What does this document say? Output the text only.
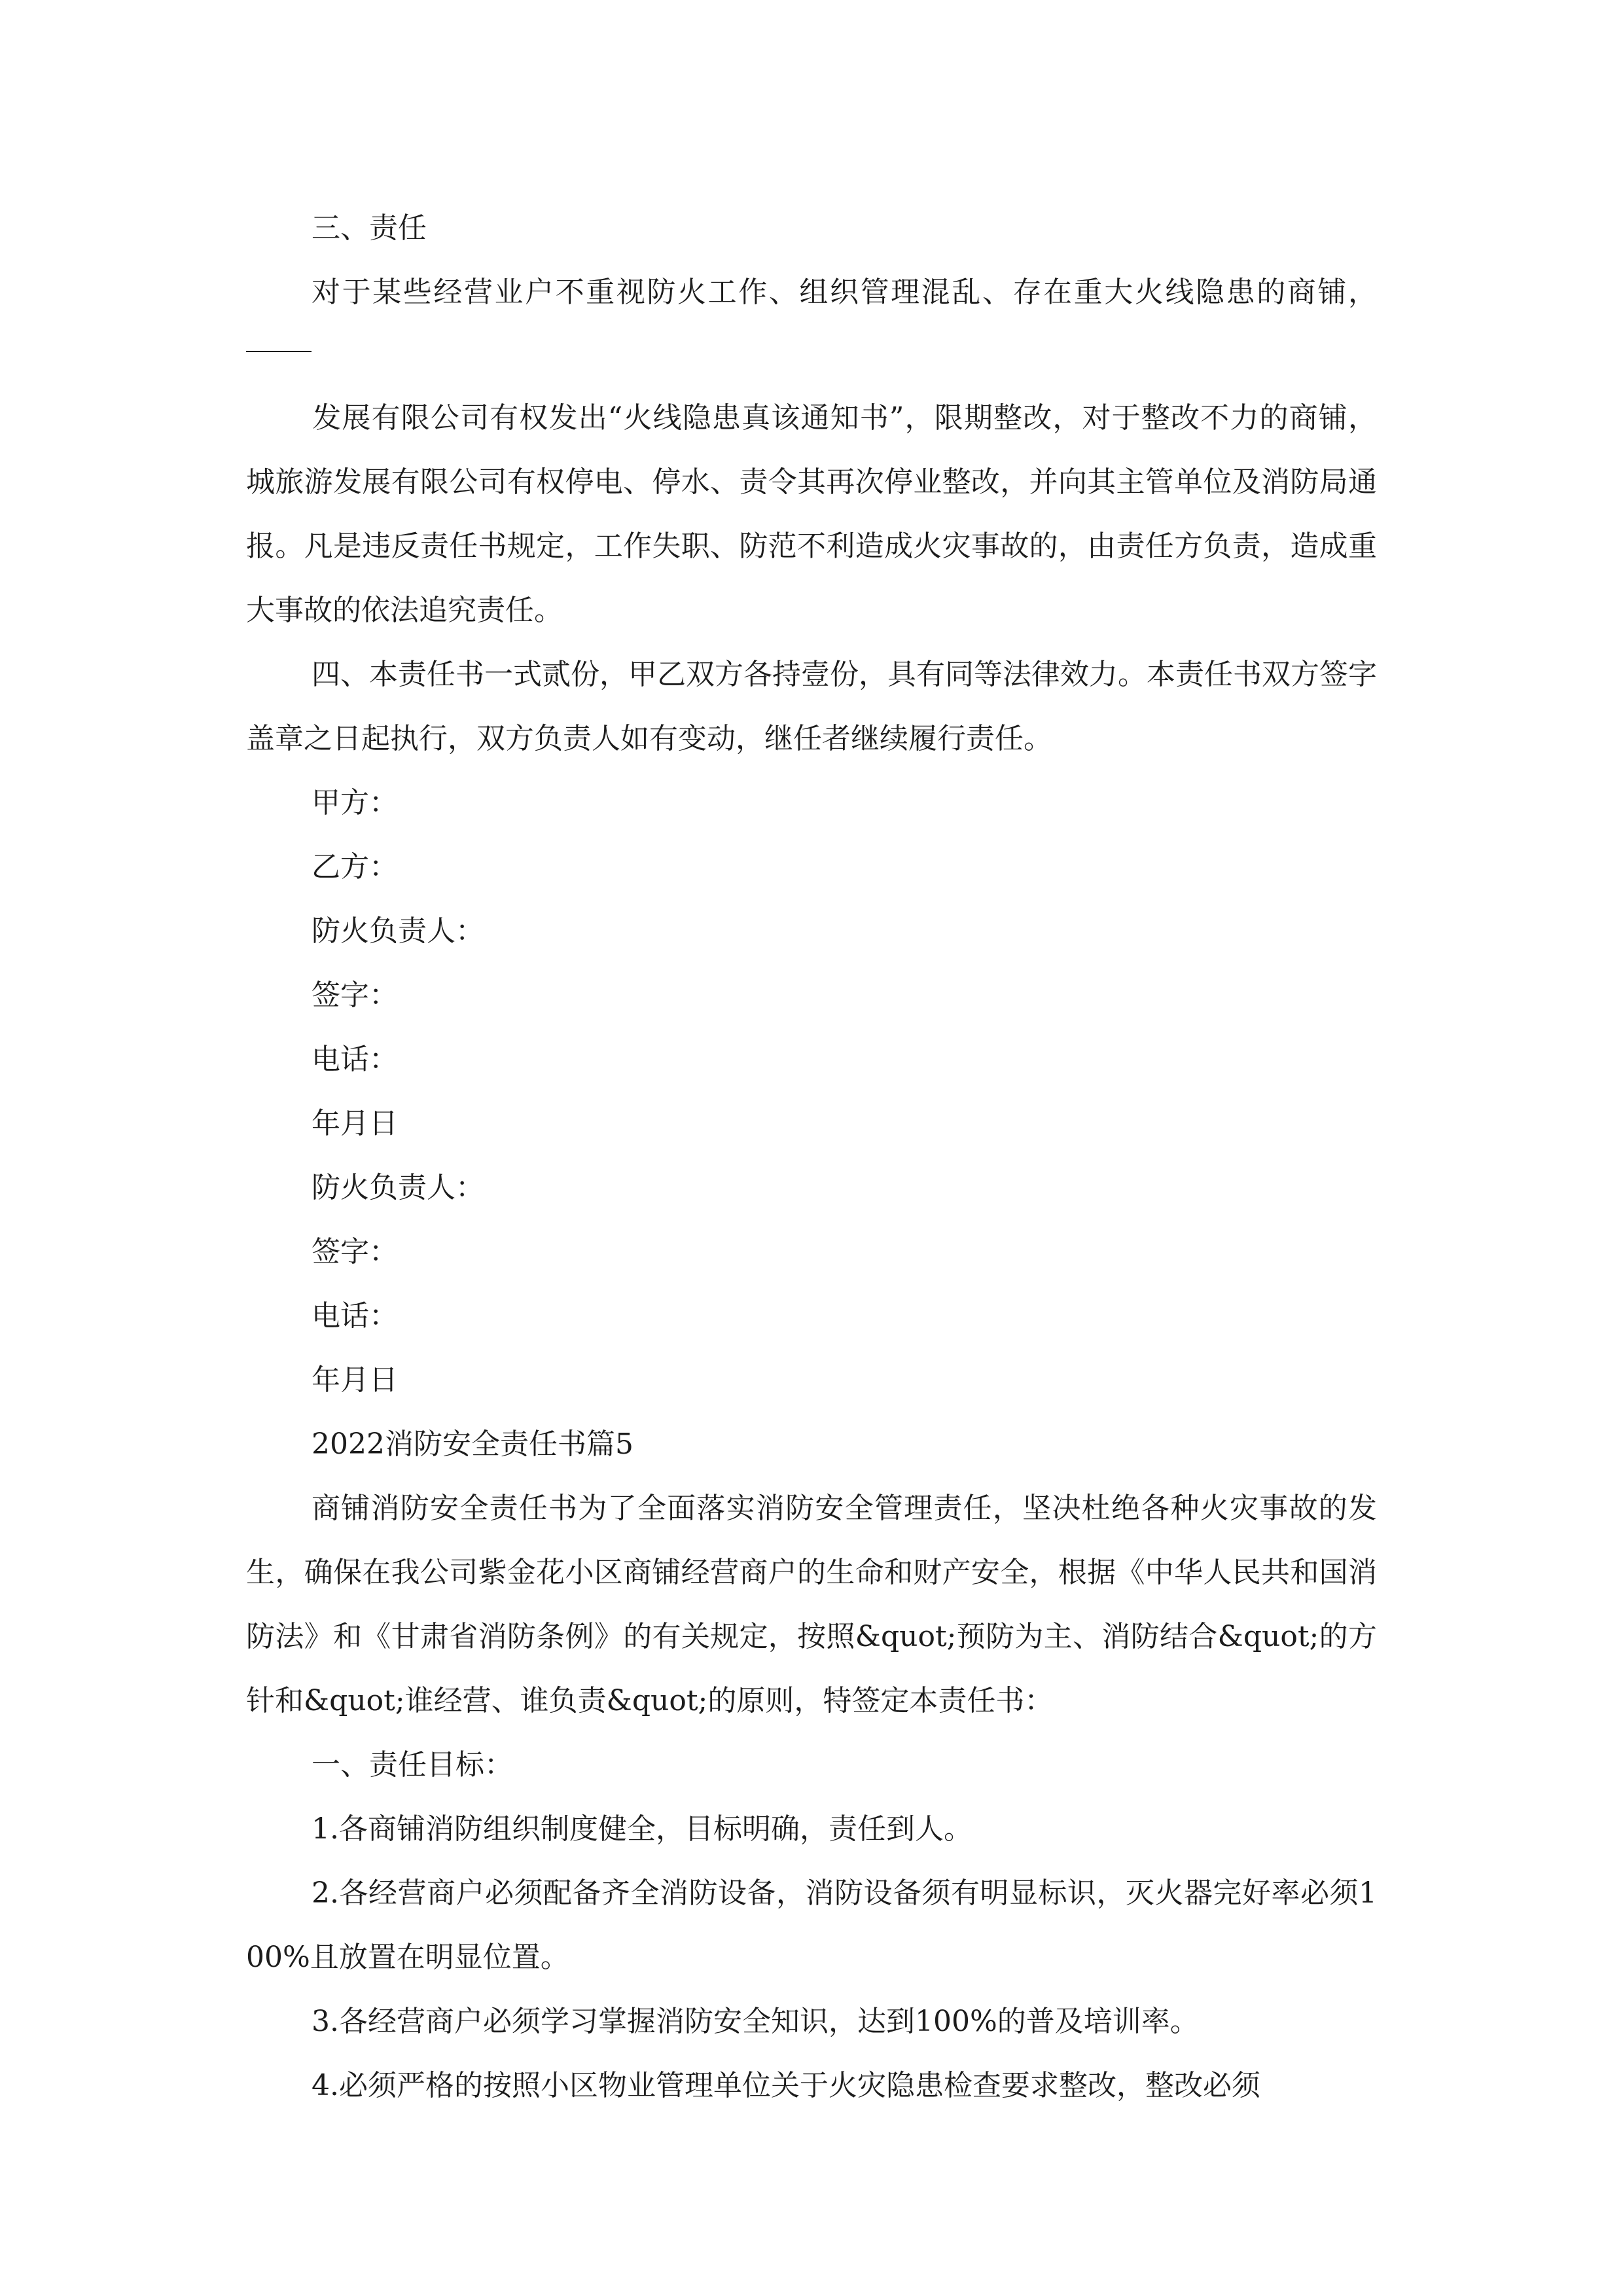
三、责任

对于某些经营业户不重视防火工作、组织管理混乱、存在重大火线隐患的商铺，发展有限公司有权发出“火线隐患真该通知书”，限期整改，对于整改不力的商铺，城旅游发展有限公司有权停电、停水、责令其再次停业整改，并向其主管单位及消防局通报。凡是违反责任书规定，工作失职、防范不利造成火灾事故的，由责任方负责，造成重大事故的依法追究责任。

四、本责任书一式贰份，甲乙双方各持壹份，具有同等法律效力。本责任书双方签字盖章之日起执行，双方负责人如有变动，继任者继续履行责任。

甲方：

乙方：

防火负责人：

签字：

电话：

年月日

防火负责人：

签字：

电话：

年月日

2022消防安全责任书篇5

商铺消防安全责任书为了全面落实消防安全管理责任，坚决杜绝各种火灾事故的发生，确保在我公司紫金花小区商铺经营商户的生命和财产安全，根据《中华人民共和国消防法》和《甘肃省消防条例》的有关规定，按照&quot;预防为主、消防结合&quot;的方针和&quot;谁经营、谁负责&quot;的原则，特签定本责任书：

一、责任目标：

1.各商铺消防组织制度健全，目标明确，责任到人。

2.各经营商户必须配备齐全消防设备，消防设备须有明显标识，灭火器完好率必须100%且放置在明显位置。

3.各经营商户必须学习掌握消防安全知识，达到100%的普及培训率。

4.必须严格的按照小区物业管理单位关于火灾隐患检查要求整改，整改必须
